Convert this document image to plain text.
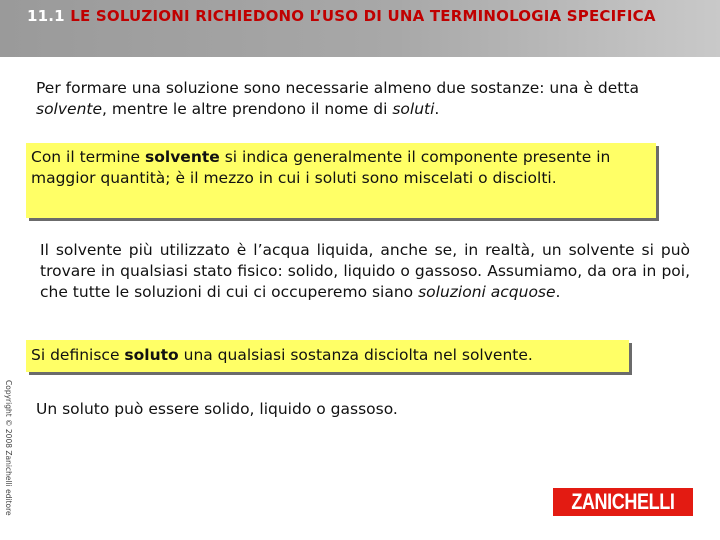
11.1 LE SOLUZIONI RICHIEDONO L’USO DI UNA TERMINOLOGIA SPECIFICA
Per formare una soluzione sono necessarie almeno due sostanze: una è detta solvente, mentre le altre prendono il nome di soluti.
Con il termine solvente si indica generalmente il componente presente in maggior quantità; è il mezzo in cui i soluti sono miscelati o disciolti.
Il solvente più utilizzato è l’acqua liquida, anche se, in realtà, un solvente si può trovare in qualsiasi stato fisico: solido, liquido o gassoso. Assumiamo, da ora in poi, che tutte le soluzioni di cui ci occuperemo siano soluzioni acquose.
Si definisce soluto una qualsiasi sostanza disciolta nel solvente.
Un soluto può essere solido, liquido o gassoso.
Copyright © 2008 Zanichelli editore	ZANICHELLI
